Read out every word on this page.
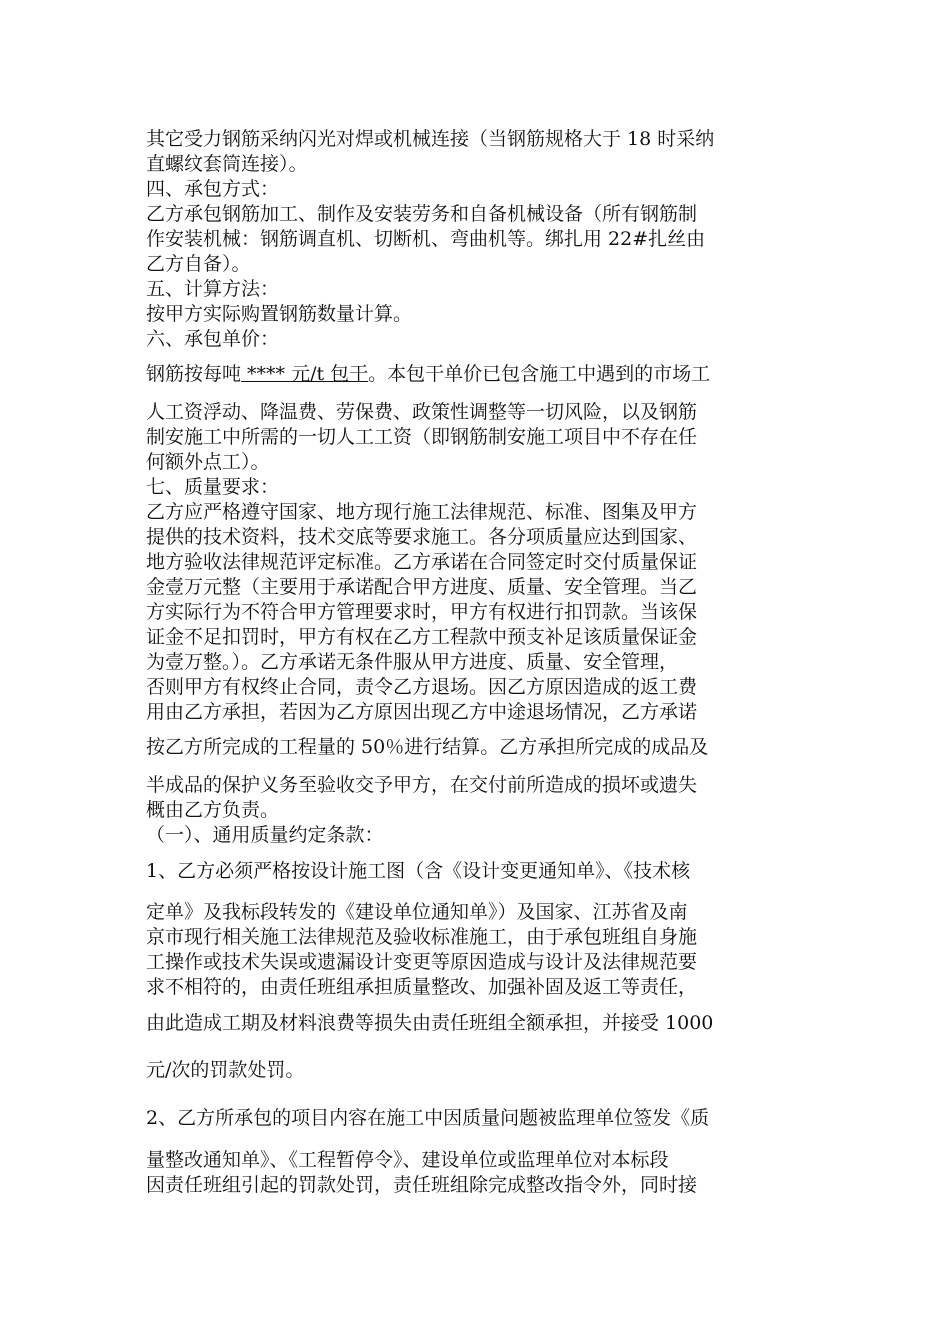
其它受力钢筋采纳闪光对焊或机械连接（当钢筋规格大于 18 时采纳
直螺纹套筒连接）。
四、承包方式：
乙方承包钢筋加工、制作及安装劳务和自备机械设备（所有钢筋制
作安装机械：钢筋调直机、切断机、弯曲机等。绑扎用 22#扎丝由
乙方自备）。
五、计算方法：
按甲方实际购置钢筋数量计算。
六、承包单价：
钢筋按每吨 **** 元/t 包干。本包干单价已包含施工中遇到的市场工
人工资浮动、降温费、劳保费、政策性调整等一切风险，以及钢筋
制安施工中所需的一切人工工资（即钢筋制安施工项目中不存在任
何额外点工）。
七、质量要求：
乙方应严格遵守国家、地方现行施工法律规范、标准、图集及甲方
提供的技术资料，技术交底等要求施工。各分项质量应达到国家、
地方验收法律规范评定标准。乙方承诺在合同签定时交付质量保证
金壹万元整（主要用于承诺配合甲方进度、质量、安全管理。当乙
方实际行为不符合甲方管理要求时，甲方有权进行扣罚款。当该保
证金不足扣罚时，甲方有权在乙方工程款中预支补足该质量保证金
为壹万整。）。乙方承诺无条件服从甲方进度、质量、安全管理，
否则甲方有权终止合同，责令乙方退场。因乙方原因造成的返工费
用由乙方承担，若因为乙方原因出现乙方中途退场情况，乙方承诺
按乙方所完成的工程量的 50％进行结算。乙方承担所完成的成品及
半成品的保护义务至验收交予甲方，在交付前所造成的损坏或遗失
概由乙方负责。
（一）、通用质量约定条款：
1、乙方必须严格按设计施工图（含《设计变更通知单》、《技术核
定单》及我标段转发的《建设单位通知单》）及国家、江苏省及南
京市现行相关施工法律规范及验收标准施工，由于承包班组自身施
工操作或技术失误或遗漏设计变更等原因造成与设计及法律规范要
求不相符的，由责任班组承担质量整改、加强补固及返工等责任，
由此造成工期及材料浪费等损失由责任班组全额承担，并接受 1000
元/次的罚款处罚。
2、乙方所承包的项目内容在施工中因质量问题被监理单位签发《质
量整改通知单》、《工程暂停令》、建设单位或监理单位对本标段
因责任班组引起的罚款处罚，责任班组除完成整改指令外，同时接
